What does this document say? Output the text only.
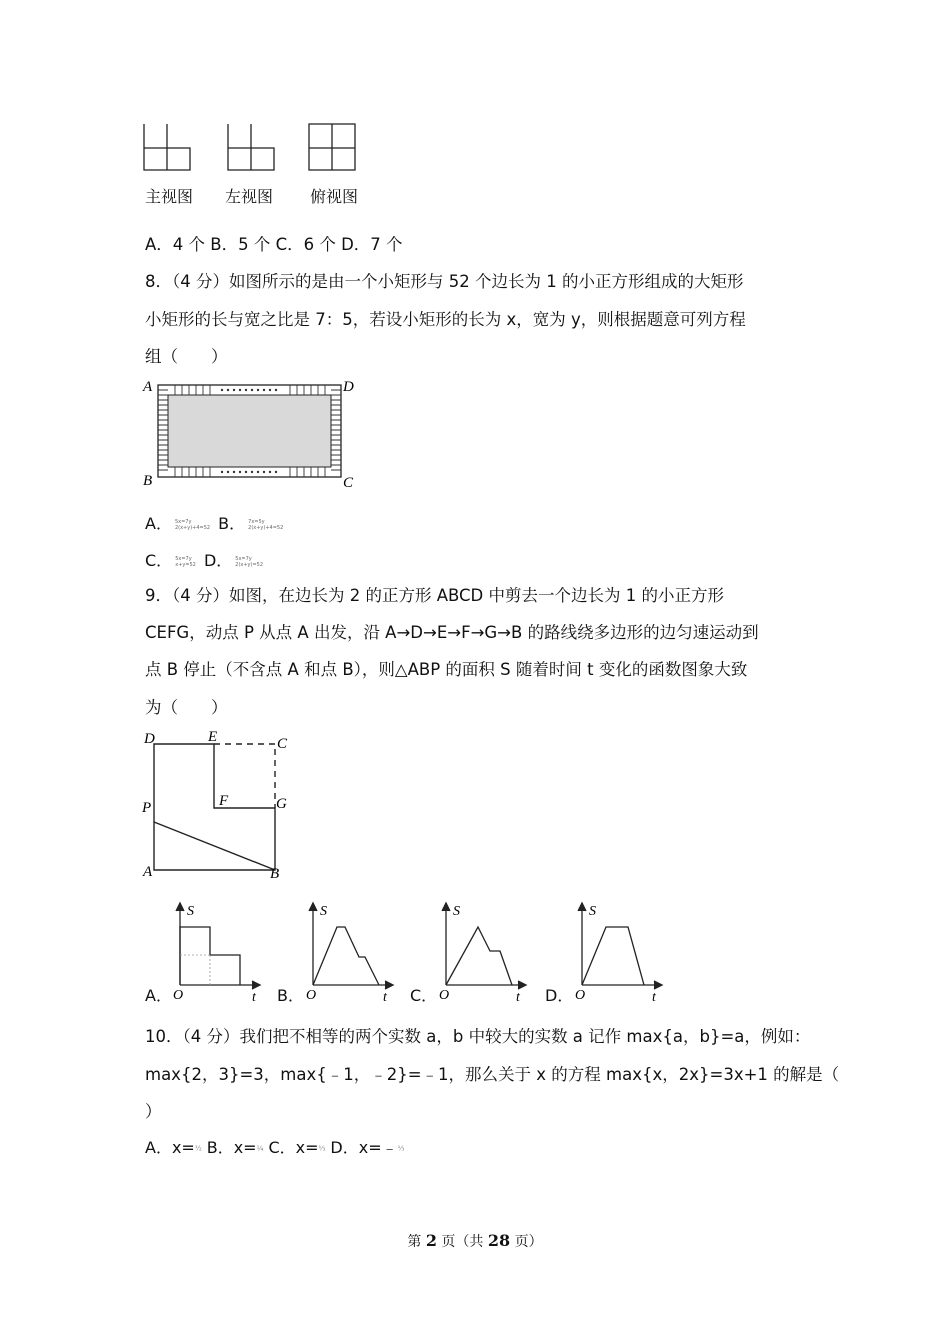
主视图 左视图 俯视图
A．4 个 B．5 个 C．6 个 D．7 个
8．（4 分）如图所示的是由一个小矩形与 52 个边长为 1 的小正方形组成的大矩形
小矩形的长与宽之比是 7：5，若设小矩形的长为 x，宽为 y，则根据题意可列方程
组（　　）
A	D
B	C
A． 5x=7y
2(x+y)+4=52 B． 7x=5y
2(x+y)+4=52
C． 5x=7y
x+y=52 D． 5x=7y
2(x+y)=52
9．（4 分）如图，在边长为 2 的正方形 ABCD 中剪去一个边长为 1 的小正方形
CEFG，动点 P 从点 A 出发，沿 A→D→E→F→G→B 的路线绕多边形的边匀速运动到
点 B 停止（不含点 A 和点 B），则△ABP 的面积 S 随着时间 t 变化的函数图象大致
为（　　）
D	E	C
F	G
P
A	B
A．
S
O	t B．
S
O	t C．
S
O	t D．
S
O	t
10．（4 分）我们把不相等的两个实数 a，b 中较大的实数 a 记作 max{a，b}=a，例如：
max{2，3}=3，max{﹣1，﹣2}=﹣1，那么关于 x 的方程 max{x，2x}=3x+1 的解是（
）
A．x=½ B．x=¼ C．x=⅓ D．x=﹣⅓
第 2 页（共 28 页）
